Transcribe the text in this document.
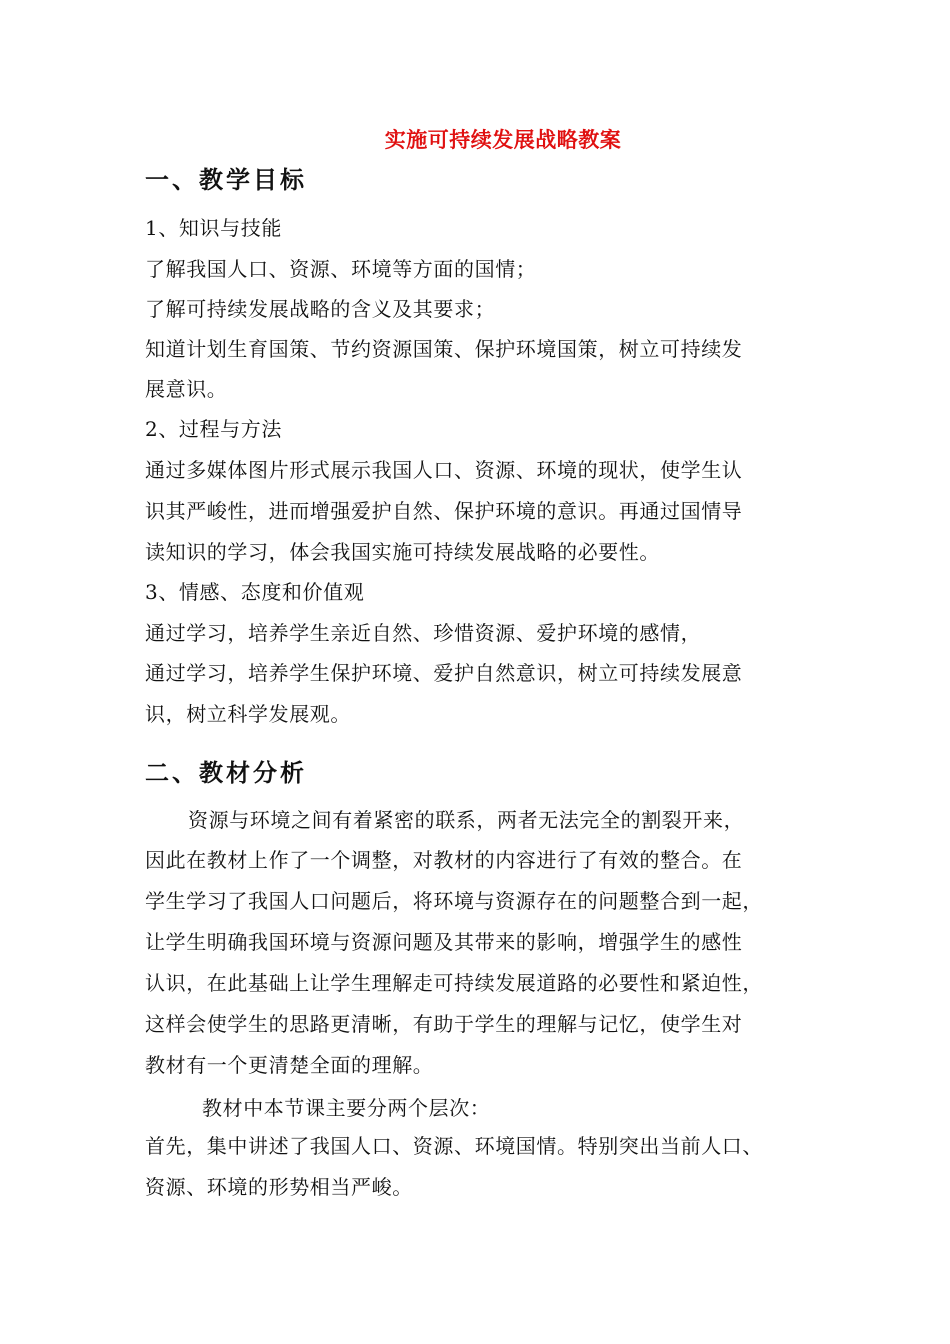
实施可持续发展战略教案
一、教学目标
1、知识与技能
了解我国人口、资源、环境等方面的国情；
了解可持续发展战略的含义及其要求；
知道计划生育国策、节约资源国策、保护环境国策，树立可持续发
展意识。
2、过程与方法
通过多媒体图片形式展示我国人口、资源、环境的现状，使学生认
识其严峻性，进而增强爱护自然、保护环境的意识。再通过国情导
读知识的学习，体会我国实施可持续发展战略的必要性。
3、情感、态度和价值观
通过学习，培养学生亲近自然、珍惜资源、爱护环境的感情，
通过学习，培养学生保护环境、爱护自然意识，树立可持续发展意
识，树立科学发展观。
二、教材分析
资源与环境之间有着紧密的联系，两者无法完全的割裂开来，
因此在教材上作了一个调整，对教材的内容进行了有效的整合。在
学生学习了我国人口问题后，将环境与资源存在的问题整合到一起，
让学生明确我国环境与资源问题及其带来的影响，增强学生的感性
认识，在此基础上让学生理解走可持续发展道路的必要性和紧迫性，
这样会使学生的思路更清晰，有助于学生的理解与记忆，使学生对
教材有一个更清楚全面的理解。
教材中本节课主要分两个层次：
首先，集中讲述了我国人口、资源、环境国情。特别突出当前人口、
资源、环境的形势相当严峻。
